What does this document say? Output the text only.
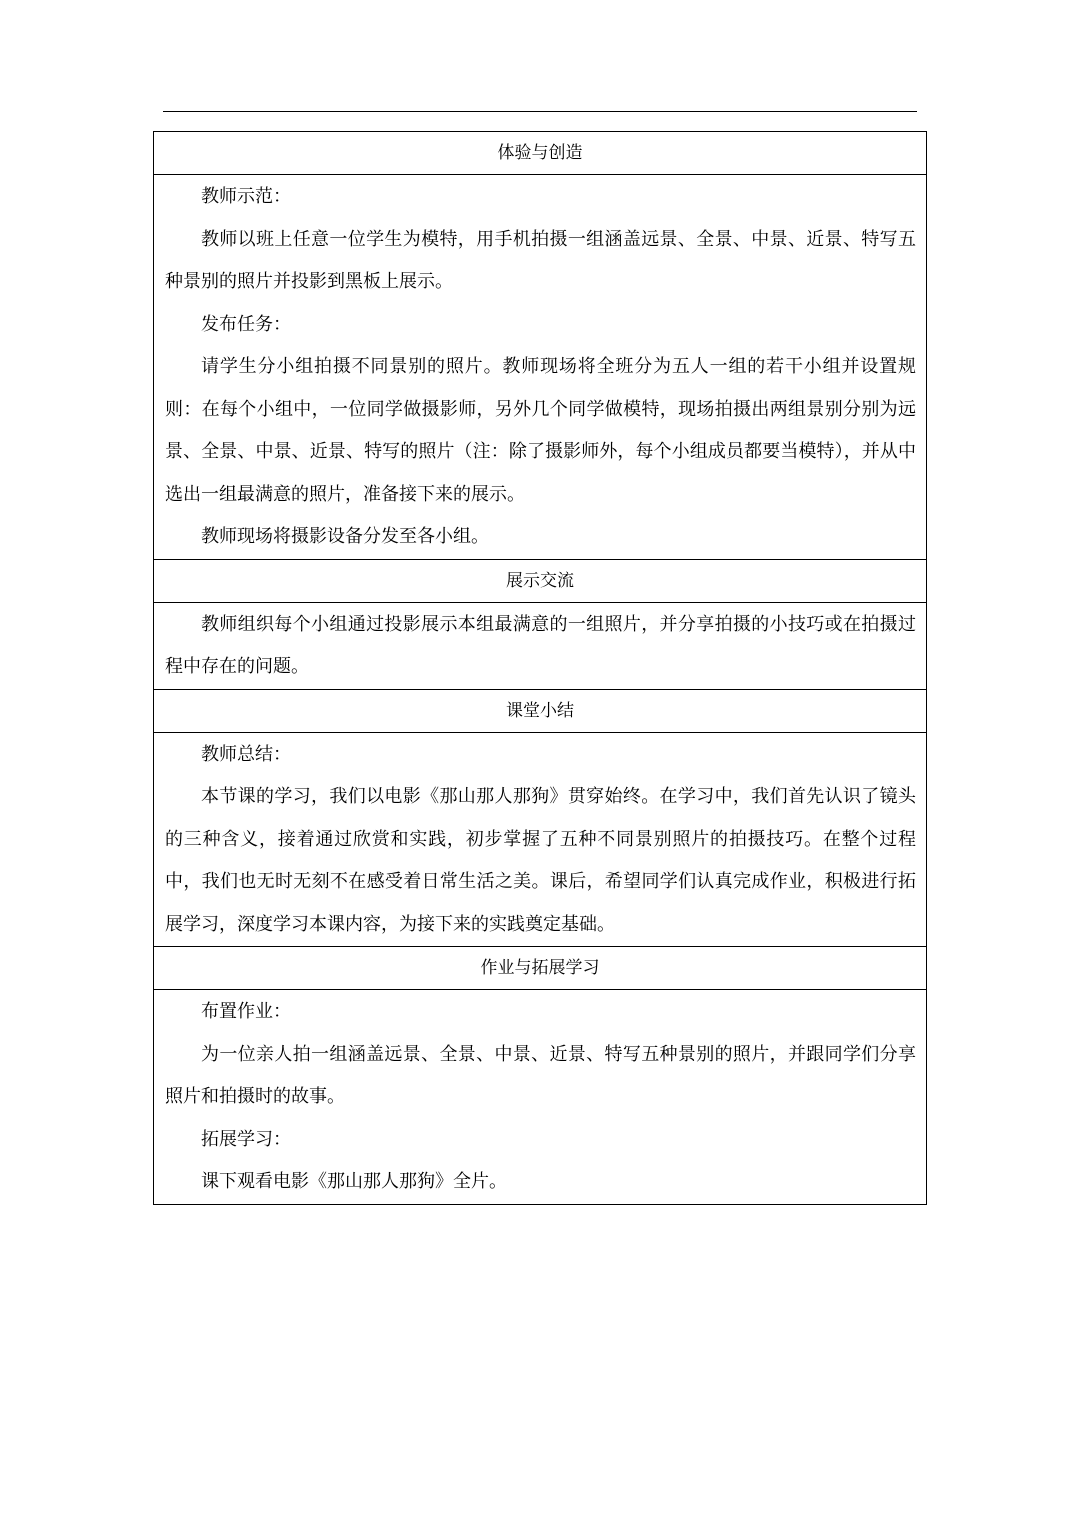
体验与创造

教师示范：

教师以班上任意一位学生为模特，用手机拍摄一组涵盖远景、全景、中景、近景、特写五种景别的照片并投影到黑板上展示。

发布任务：

请学生分小组拍摄不同景别的照片。教师现场将全班分为五人一组的若干小组并设置规则：在每个小组中，一位同学做摄影师，另外几个同学做模特，现场拍摄出两组景别分别为远景、全景、中景、近景、特写的照片（注：除了摄影师外，每个小组成员都要当模特），并从中选出一组最满意的照片，准备接下来的展示。

教师现场将摄影设备分发至各小组。

展示交流

教师组织每个小组通过投影展示本组最满意的一组照片，并分享拍摄的小技巧或在拍摄过程中存在的问题。

课堂小结

教师总结：

本节课的学习，我们以电影《那山那人那狗》贯穿始终。在学习中，我们首先认识了镜头的三种含义，接着通过欣赏和实践，初步掌握了五种不同景别照片的拍摄技巧。在整个过程中，我们也无时无刻不在感受着日常生活之美。课后，希望同学们认真完成作业，积极进行拓展学习，深度学习本课内容，为接下来的实践奠定基础。

作业与拓展学习

布置作业：

为一位亲人拍一组涵盖远景、全景、中景、近景、特写五种景别的照片，并跟同学们分享照片和拍摄时的故事。

拓展学习：

课下观看电影《那山那人那狗》全片。
